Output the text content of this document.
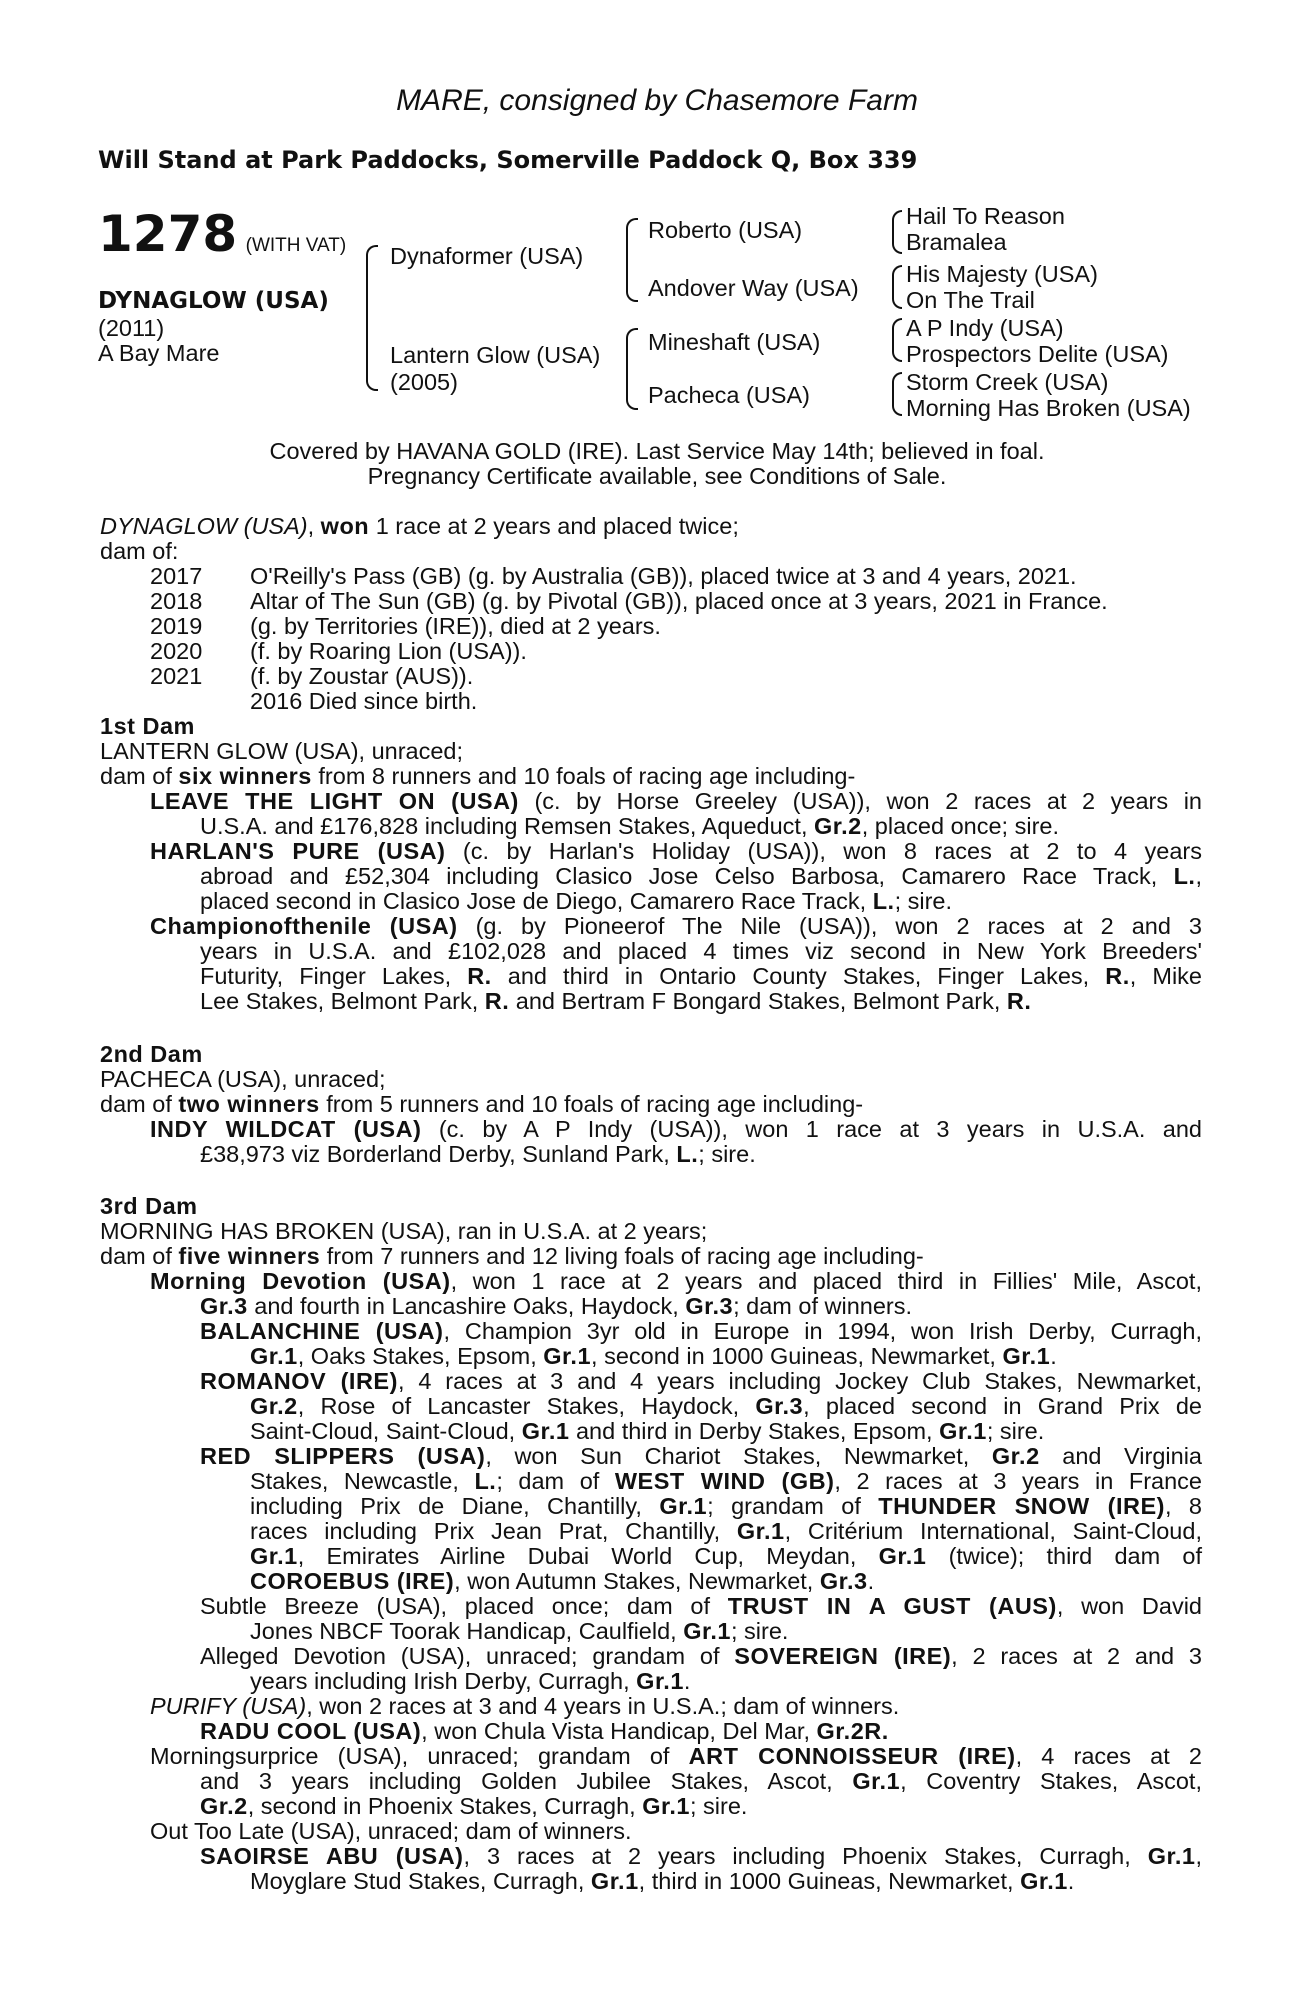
MARE, consigned by Chasemore Farm
Will Stand at Park Paddocks, Somerville Paddock Q, Box 339
1278 (WITH VAT)
DYNAGLOW (USA)
(2011)
A Bay Mare
Dynaformer (USA)
Lantern Glow (USA)
(2005)
Roberto (USA)
Andover Way (USA)
Mineshaft (USA)
Pacheca (USA)
Hail To Reason
Bramalea
His Majesty (USA)
On The Trail
A P Indy (USA)
Prospectors Delite (USA)
Storm Creek (USA)
Morning Has Broken (USA)
Covered by HAVANA GOLD (IRE). Last Service May 14th; believed in foal.
Pregnancy Certificate available, see Conditions of Sale.
DYNAGLOW (USA), won 1 race at 2 years and placed twice;
dam of:
2017 O'Reilly's Pass (GB) (g. by Australia (GB)), placed twice at 3 and 4 years, 2021.
2018 Altar of The Sun (GB) (g. by Pivotal (GB)), placed once at 3 years, 2021 in France.
2019 (g. by Territories (IRE)), died at 2 years.
2020 (f. by Roaring Lion (USA)).
2021 (f. by Zoustar (AUS)).
2016 Died since birth.
1st Dam
LANTERN GLOW (USA), unraced;
dam of six winners from 8 runners and 10 foals of racing age including-
LEAVE THE LIGHT ON (USA) (c. by Horse Greeley (USA)), won 2 races at 2 years in
U.S.A. and £176,828 including Remsen Stakes, Aqueduct, Gr.2, placed once; sire.
HARLAN'S PURE (USA) (c. by Harlan's Holiday (USA)), won 8 races at 2 to 4 years
abroad and £52,304 including Clasico Jose Celso Barbosa, Camarero Race Track, L.,
placed second in Clasico Jose de Diego, Camarero Race Track, L.; sire.
Championofthenile (USA) (g. by Pioneerof The Nile (USA)), won 2 races at 2 and 3
years in U.S.A. and £102,028 and placed 4 times viz second in New York Breeders'
Futurity, Finger Lakes, R. and third in Ontario County Stakes, Finger Lakes, R., Mike
Lee Stakes, Belmont Park, R. and Bertram F Bongard Stakes, Belmont Park, R.
2nd Dam
PACHECA (USA), unraced;
dam of two winners from 5 runners and 10 foals of racing age including-
INDY WILDCAT (USA) (c. by A P Indy (USA)), won 1 race at 3 years in U.S.A. and
£38,973 viz Borderland Derby, Sunland Park, L.; sire.
3rd Dam
MORNING HAS BROKEN (USA), ran in U.S.A. at 2 years;
dam of five winners from 7 runners and 12 living foals of racing age including-
Morning Devotion (USA), won 1 race at 2 years and placed third in Fillies' Mile, Ascot,
Gr.3 and fourth in Lancashire Oaks, Haydock, Gr.3; dam of winners.
BALANCHINE (USA), Champion 3yr old in Europe in 1994, won Irish Derby, Curragh,
Gr.1, Oaks Stakes, Epsom, Gr.1, second in 1000 Guineas, Newmarket, Gr.1.
ROMANOV (IRE), 4 races at 3 and 4 years including Jockey Club Stakes, Newmarket,
Gr.2, Rose of Lancaster Stakes, Haydock, Gr.3, placed second in Grand Prix de
Saint-Cloud, Saint-Cloud, Gr.1 and third in Derby Stakes, Epsom, Gr.1; sire.
RED SLIPPERS (USA), won Sun Chariot Stakes, Newmarket, Gr.2 and Virginia
Stakes, Newcastle, L.; dam of WEST WIND (GB), 2 races at 3 years in France
including Prix de Diane, Chantilly, Gr.1; grandam of THUNDER SNOW (IRE), 8
races including Prix Jean Prat, Chantilly, Gr.1, Critérium International, Saint-Cloud,
Gr.1, Emirates Airline Dubai World Cup, Meydan, Gr.1 (twice); third dam of
COROEBUS (IRE), won Autumn Stakes, Newmarket, Gr.3.
Subtle Breeze (USA), placed once; dam of TRUST IN A GUST (AUS), won David
Jones NBCF Toorak Handicap, Caulfield, Gr.1; sire.
Alleged Devotion (USA), unraced; grandam of SOVEREIGN (IRE), 2 races at 2 and 3
years including Irish Derby, Curragh, Gr.1.
PURIFY (USA), won 2 races at 3 and 4 years in U.S.A.; dam of winners.
RADU COOL (USA), won Chula Vista Handicap, Del Mar, Gr.2R.
Morningsurprice (USA), unraced; grandam of ART CONNOISSEUR (IRE), 4 races at 2
and 3 years including Golden Jubilee Stakes, Ascot, Gr.1, Coventry Stakes, Ascot,
Gr.2, second in Phoenix Stakes, Curragh, Gr.1; sire.
Out Too Late (USA), unraced; dam of winners.
SAOIRSE ABU (USA), 3 races at 2 years including Phoenix Stakes, Curragh, Gr.1,
Moyglare Stud Stakes, Curragh, Gr.1, third in 1000 Guineas, Newmarket, Gr.1.
